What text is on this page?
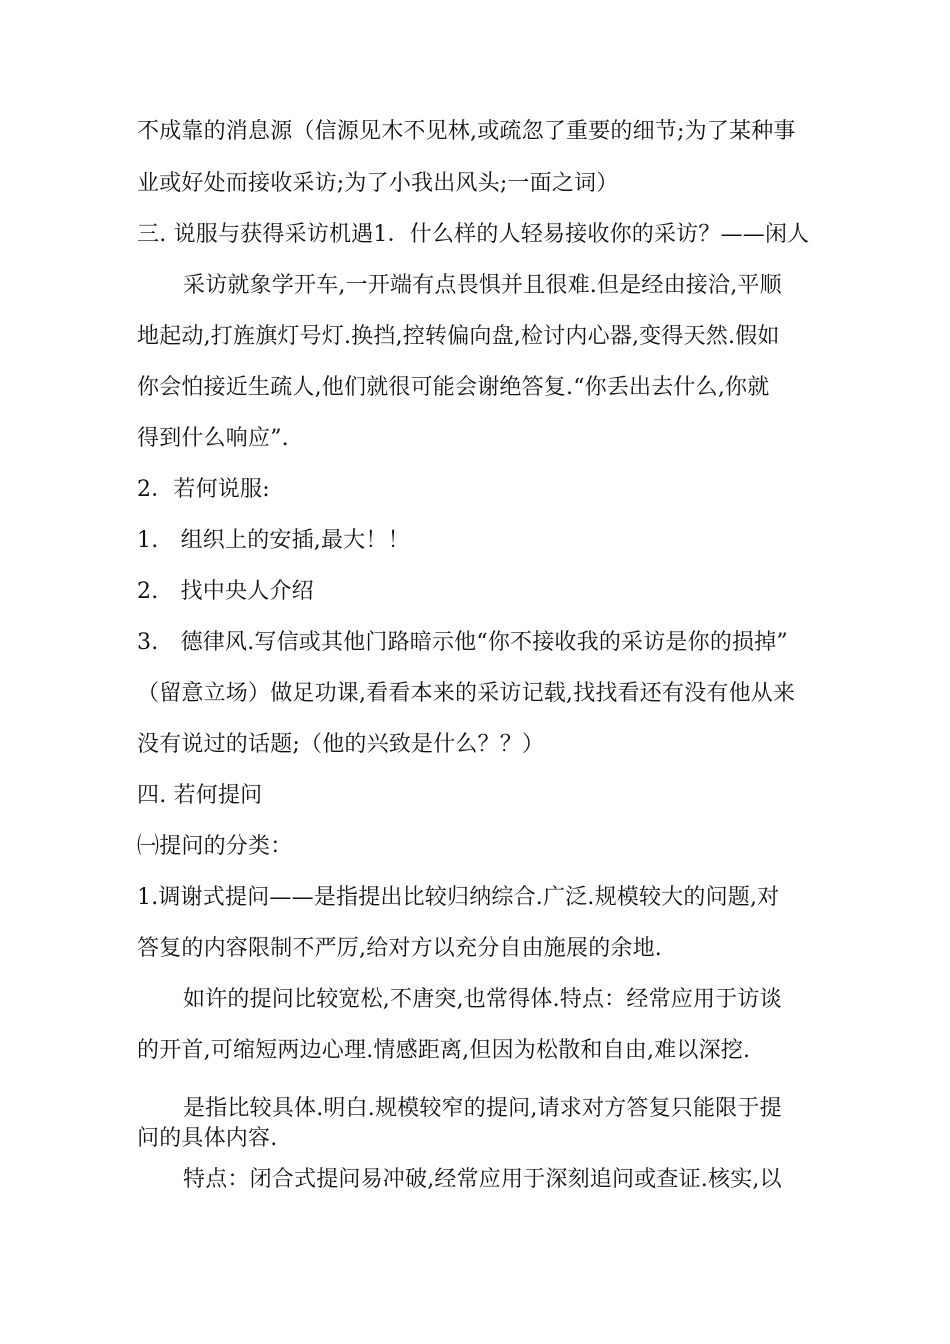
不成靠的消息源（信源见木不见林,或疏忽了重要的细节;为了某种事
业或好处而接收采访;为了小我出风头;一面之词）
三. 说服与获得采访机遇1．什么样的人轻易接收你的采访？——闲人
采访就象学开车,一开端有点畏惧并且很难.但是经由接洽,平顺
地起动,打旌旗灯号灯.换挡,控转偏向盘,检讨内心器,变得天然.假如
你会怕接近生疏人,他们就很可能会谢绝答复.“你丢出去什么,你就
得到什么响应”.
2．若何说服:
1.　组织上的安插,最大！！
2.　找中央人介绍
3.　德律风.写信或其他门路暗示他“你不接收我的采访是你的损掉”
（留意立场）做足功课,看看本来的采访记载,找找看还有没有他从来
没有说过的话题;（他的兴致是什么？？）
四. 若何提问
㈠提问的分类：
1.调谢式提问——是指提出比较归纳综合.广泛.规模较大的问题,对
答复的内容限制不严厉,给对方以充分自由施展的余地.
如许的提问比较宽松,不唐突,也常得体.特点：经常应用于访谈
的开首,可缩短两边心理.情感距离,但因为松散和自由,难以深挖.
是指比较具体.明白.规模较窄的提问,请求对方答复只能限于提
问的具体内容.
特点：闭合式提问易冲破,经常应用于深刻追问或查证.核实,以
